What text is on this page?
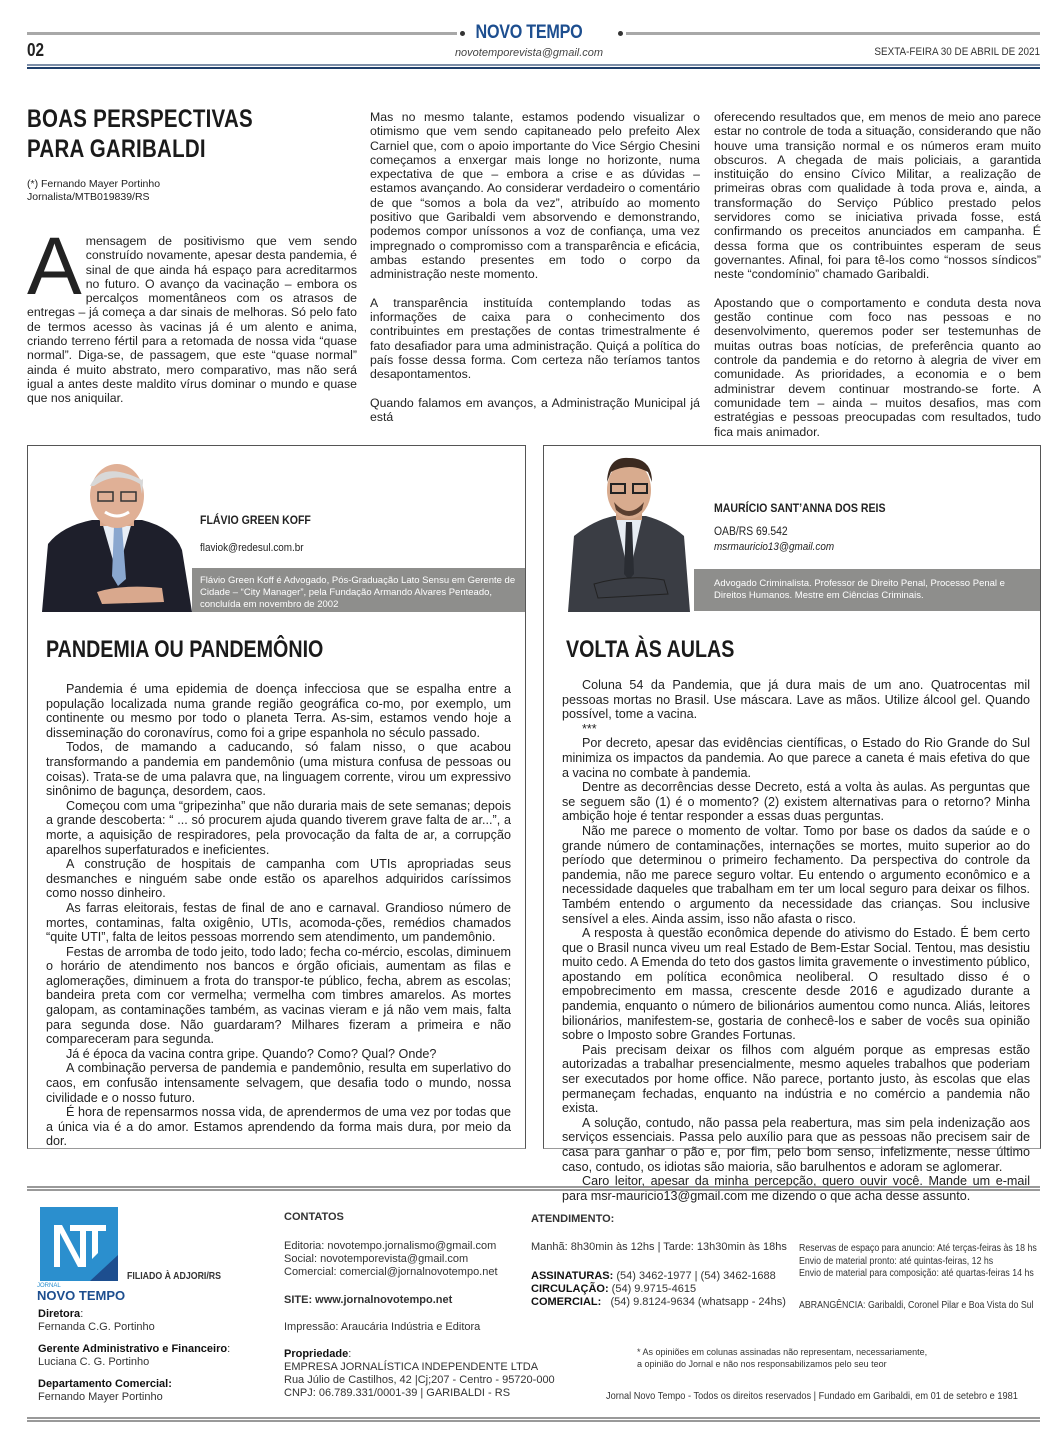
NOVO TEMPO
02	novotemporevista@gmail.com	SEXTA-FEIRA 30 DE ABRIL DE 2021
BOAS PERSPECTIVAS
PARA GARIBALDI
(*) Fernando Mayer Portinho
Jornalista/MTB019839/RS
A mensagem de positivismo que vem sendo construído novamente, apesar desta pandemia, é sinal de que ainda há espaço para acreditarmos no futuro. O avanço da vacinação – embora os percalços momentâneos com os atrasos de entregas – já começa a dar sinais de melhoras. Só pelo fato de termos acesso às vacinas já é um alento e anima, criando terreno fértil para a retomada de nossa vida “quase normal”. Diga-se, de passagem, que este “quase normal” ainda é muito abstrato, mero comparativo, mas não será igual a antes deste maldito vírus dominar o mundo e quase que nos aniquilar.

Mas no mesmo talante, estamos podendo visualizar o otimismo que vem sendo capitaneado pelo prefeito Alex Carniel que, com o apoio importante do Vice Sérgio Chesini começamos a enxergar mais longe no horizonte, numa expectativa de que – embora a crise e as dúvidas – estamos avançando. Ao considerar verdadeiro o comentário de que “somos a bola da vez”, atribuído ao momento positivo que Garibaldi vem absorvendo e demonstrando, podemos compor uníssonos a voz de confiança, uma vez impregnado o compromisso com a transparência e eficácia, ambas estando presentes em todo o corpo da administração neste momento.

A transparência instituída contemplando todas as informações de caixa para o conhecimento dos contribuintes em prestações de contas trimestralmente é fato desafiador para uma administração. Quiçá a política do país fosse dessa forma. Com certeza não teríamos tantos desapontamentos.

Quando falamos em avanços, a Administração Municipal já está

oferecendo resultados que, em menos de meio ano parece estar no controle de toda a situação, considerando que não houve uma transição normal e os números eram muito obscuros. A chegada de mais policiais, a garantida instituição do ensino Cívico Militar, a realização de primeiras obras com qualidade à toda prova e, ainda, a transformação do Serviço Público prestado pelos servidores como se iniciativa privada fosse, está confirmando os preceitos anunciados em campanha. É dessa forma que os contribuintes esperam de seus governantes. Afinal, foi para tê-los como “nossos síndicos” neste “condomínio” chamado Garibaldi.

Apostando que o comportamento e conduta desta nova gestão continue com foco nas pessoas e no desenvolvimento, queremos poder ser testemunhas de muitas outras boas notícias, de preferência quanto ao controle da pandemia e do retorno à alegria de viver em comunidade. As prioridades, a economia e o bem administrar devem continuar mostrando-se forte. A comunidade tem – ainda – muitos desafios, mas com estratégias e pessoas preocupadas com resultados, tudo fica mais animador.

FLÁVIO GREEN KOFF
flaviok@redesul.com.br
Flávio Green Koff é Advogado, Pós-Graduação Lato Sensu em Gerente de Cidade – “City Manager”, pela Fundação Armando Alvares Penteado, concluída em novembro de 2002
PANDEMIA OU PANDEMÔNIO

Pandemia é uma epidemia de doença infecciosa que se espalha entre a população localizada numa grande região geográfica co-mo, por exemplo, um continente ou mesmo por todo o planeta Terra. As-sim, estamos vendo hoje a disseminação do coronavírus, como foi a gripe espanhola no século passado.

Todos, de mamando a caducando, só falam nisso, o que acabou transformando a pandemia em pandemônio (uma mistura confusa de pessoas ou coisas). Trata-se de uma palavra que, na linguagem corrente, virou um expressivo sinônimo de bagunça, desordem, caos.

Começou com uma “gripezinha” que não duraria mais de sete semanas; depois a grande descoberta: “ ... só procurem ajuda quando tiverem grave falta de ar...”, a morte, a aquisição de respiradores, pela provocação da falta de ar, a corrupção aparelhos superfaturados e ineficientes.

A construção de hospitais de campanha com UTIs apropriadas seus desmanches e ninguém sabe onde estão os aparelhos adquiridos caríssimos como nosso dinheiro.

As farras eleitorais, festas de final de ano e carnaval. Grandioso número de mortes, contaminas, falta oxigênio, UTIs, acomoda-ções, remédios chamados “quite UTI”, falta de leitos pessoas morrendo sem atendimento, um pandemônio.

Festas de arromba de todo jeito, todo lado; fecha co-mércio, escolas, diminuem o horário de atendimento nos bancos e órgão oficiais, aumentam as filas e aglomerações, diminuem a frota do transpor-te público, fecha, abrem as escolas; bandeira preta com cor vermelha; vermelha com timbres amarelos. As mortes galopam, as contaminações também, as vacinas vieram e já não vem mais, falta para segunda dose. Não guardaram? Milhares fizeram a primeira e não compareceram para segunda.

Já é época da vacina contra gripe. Quando? Como? Qual? Onde?

A combinação perversa de pandemia e pandemônio, resulta em superlativo do caos, em confusão intensamente selvagem, que desafia todo o mundo, nossa civilidade e o nosso futuro.

É hora de repensarmos nossa vida, de aprendermos de uma vez por todas que a única via é a do amor. Estamos aprendendo da forma mais dura, por meio da dor.

MAURÍCIO SANT’ANNA DOS REIS
OAB/RS 69.542
msrmauricio13@gmail.com
Advogado Criminalista. Professor de Direito Penal, Processo Penal e Direitos Humanos. Mestre em Ciências Criminais.
VOLTA ÀS AULAS

Coluna 54 da Pandemia, que já dura mais de um ano. Quatrocentas mil pessoas mortas no Brasil. Use máscara. Lave as mãos. Utilize álcool gel. Quando possível, tome a vacina.

***

Por decreto, apesar das evidências científicas, o Estado do Rio Grande do Sul minimiza os impactos da pandemia. Ao que parece a caneta é mais efetiva do que a vacina no combate à pandemia.

Dentre as decorrências desse Decreto, está a volta às aulas. As perguntas que se seguem são (1) é o momento? (2) existem alternativas para o retorno? Minha ambição hoje é tentar responder a essas duas perguntas.

Não me parece o momento de voltar. Tomo por base os dados da saúde e o grande número de contaminações, internações se mortes, muito superior ao do período que determinou o primeiro fechamento. Da perspectiva do controle da pandemia, não me parece seguro voltar. Eu entendo o argumento econômico e a necessidade daqueles que trabalham em ter um local seguro para deixar os filhos. Também entendo o argumento da necessidade das crianças. Sou inclusive sensível a eles. Ainda assim, isso não afasta o risco.

A resposta à questão econômica depende do ativismo do Estado. É bem certo que o Brasil nunca viveu um real Estado de Bem-Estar Social. Tentou, mas desistiu muito cedo. A Emenda do teto dos gastos limita gravemente o investimento público, apostando em política econômica neoliberal. O resultado disso é o empobrecimento em massa, crescente desde 2016 e agudizado durante a pandemia, enquanto o número de bilionários aumentou como nunca. Aliás, leitores bilionários, manifestem-se, gostaria de conhecê-los e saber de vocês sua opinião sobre o Imposto sobre Grandes Fortunas.

Pais precisam deixar os filhos com alguém porque as empresas estão autorizadas a trabalhar presencialmente, mesmo aqueles trabalhos que poderiam ser executados por home office. Não parece, portanto justo, às escolas que elas permaneçam fechadas, enquanto na indústria e no comércio a pandemia não exista.

A solução, contudo, não passa pela reabertura, mas sim pela indenização aos serviços essenciais. Passa pelo auxílio para que as pessoas não precisem sair de casa para ganhar o pão e, por fim, pelo bom senso, infelizmente, nesse último caso, contudo, os idiotas são maioria, são barulhentos e adoram se aglomerar.

Caro leitor, apesar da minha percepção, quero ouvir você. Mande um e-mail para msr-mauricio13@gmail.com me dizendo o que acha desse assunto.

FILIADO À ADJORI/RS
JORNAL
NOVO TEMPO
Diretora:
Fernanda C.G. Portinho
Gerente Administrativo e Financeiro:
Luciana C. G. Portinho
Departamento Comercial:
Fernando Mayer Portinho
CONTATOS
Editoria: novotempo.jornalismo@gmail.com
Social: novotemporevista@gmail.com
Comercial: comercial@jornalnovotempo.net
SITE: www.jornalnovotempo.net
Impressão: Araucária Indústria e Editora
Propriedade:
EMPRESA JORNALÍSTICA INDEPENDENTE LTDA
Rua Júlio de Castilhos, 42 |Cj;207 - Centro - 95720-000
CNPJ: 06.789.331/0001-39 | GARIBALDI - RS
ATENDIMENTO:
Manhã: 8h30min às 12hs | Tarde: 13h30min às 18hs
ASSINATURAS: (54) 3462-1977 | (54) 3462-1688
CIRCULAÇÃO: (54) 9.9715-4615
COMERCIAL: (54) 9.8124-9634 (whatsapp - 24hs)
Reservas de espaço para anuncio: Até terças-feiras às 18 hs
Envio de material pronto: até quintas-feiras, 12 hs
Envio de material para composição: até quartas-feiras 14 hs
ABRANGÊNCIA: Garibaldi, Coronel Pilar e Boa Vista do Sul
* As opiniões em colunas assinadas não representam, necessariamente,
a opinião do Jornal e não nos responsabilizamos pelo seu teor
Jornal Novo Tempo - Todos os direitos reservados | Fundado em Garibaldi, em 01 de setebro e 1981
